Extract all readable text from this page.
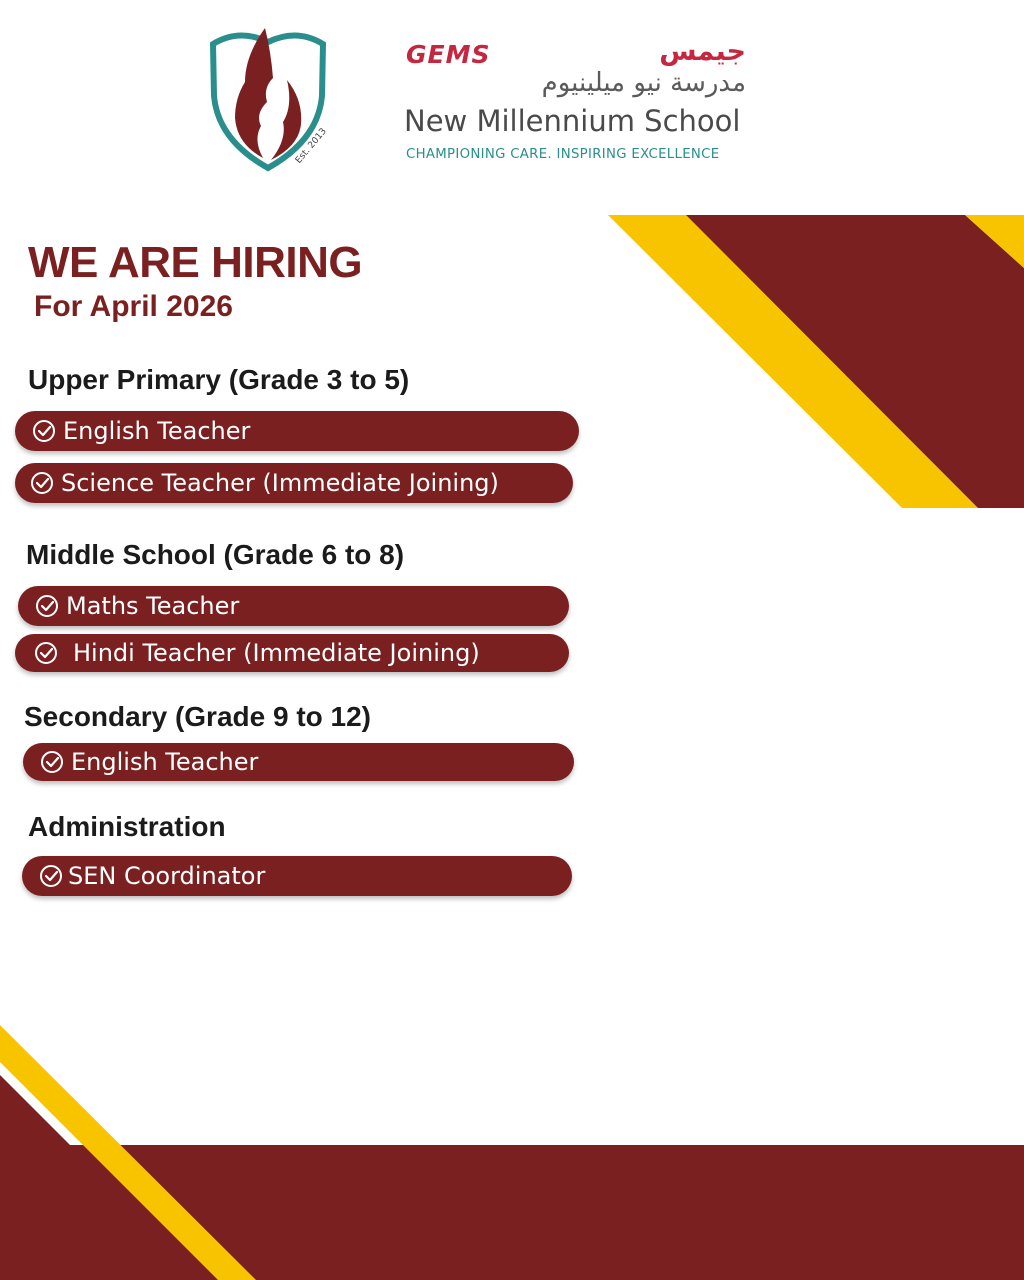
Est. 2013
GEMS	جيمس
مدرسة نيو ميلينيوم
New Millennium School
CHAMPIONING CARE. INSPIRING EXCELLENCE
WE ARE HIRING
For April 2026
Upper Primary (Grade 3 to 5)
English Teacher
Science Teacher (Immediate Joining)
Middle School (Grade 6 to 8)
Maths Teacher
Hindi Teacher (Immediate Joining)
Secondary (Grade 9 to 12)
English Teacher
Administration
SEN Coordinator
